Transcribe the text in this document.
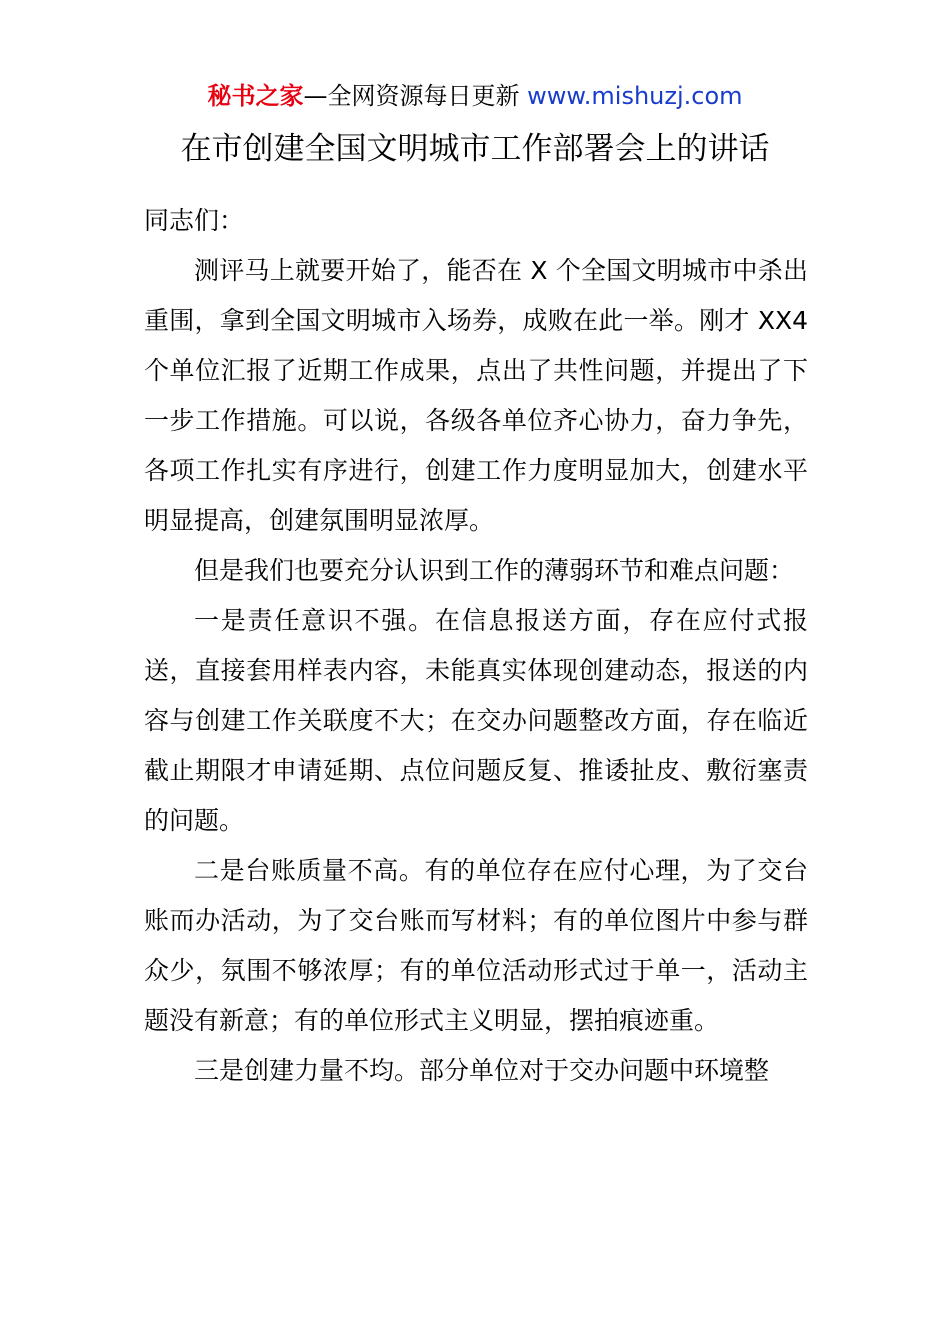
秘书之家—全网资源每日更新 www.mishuzj.com
在市创建全国文明城市工作部署会上的讲话

同志们：

测评马上就要开始了，能否在 X 个全国文明城市中杀出重围，拿到全国文明城市入场券，成败在此一举。刚才 XX4 个单位汇报了近期工作成果，点出了共性问题，并提出了下一步工作措施。可以说，各级各单位齐心协力，奋力争先，各项工作扎实有序进行，创建工作力度明显加大，创建水平明显提高，创建氛围明显浓厚。

但是我们也要充分认识到工作的薄弱环节和难点问题：

一是责任意识不强。在信息报送方面，存在应付式报送，直接套用样表内容，未能真实体现创建动态，报送的内容与创建工作关联度不大；在交办问题整改方面，存在临近截止期限才申请延期、点位问题反复、推诿扯皮、敷衍塞责的问题。

二是台账质量不高。有的单位存在应付心理，为了交台账而办活动，为了交台账而写材料；有的单位图片中参与群众少，氛围不够浓厚；有的单位活动形式过于单一，活动主题没有新意；有的单位形式主义明显，摆拍痕迹重。

三是创建力量不均。部分单位对于交办问题中环境整
